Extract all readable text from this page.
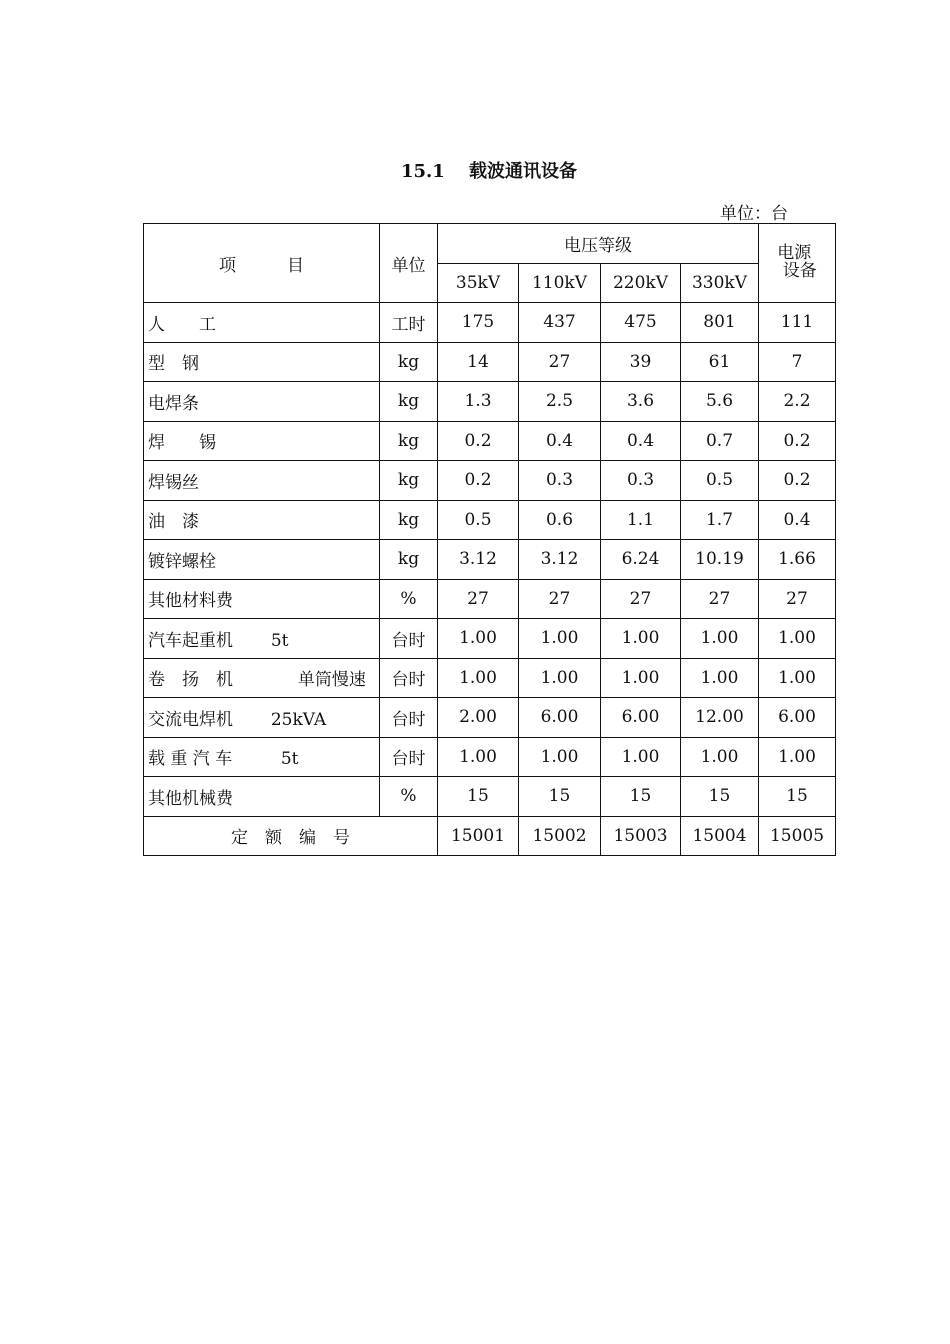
15.1　 载波通讯设备
单位：台
项　　　目	单位	电压等级				电源
设备
		35kV	110kV	220kV	330kV	
人　　工	工时	175	437	475	801	111
型　钢	kg	14	27	39	61	7
电焊条	kg	1.3	2.5	3.6	5.6	2.2
焊　　锡	kg	0.2	0.4	0.4	0.7	0.2
焊锡丝	kg	0.2	0.3	0.3	0.5	0.2
油　漆	kg	0.5	0.6	1.1	1.7	0.4
镀锌螺栓	kg	3.12	3.12	6.24	10.19	1.66
其他材料费	%	27	27	27	27	27
汽车起重机       5t	台时	1.00	1.00	1.00	1.00	1.00
卷　扬　机            单筒慢速	台时	1.00	1.00	1.00	1.00	1.00
交流电焊机       25kVA	台时	2.00	6.00	6.00	12.00	6.00
载 重 汽 车         5t	台时	1.00	1.00	1.00	1.00	1.00
其他机械费	%	15	15	15	15	15
定　额　编　号		15001	15002	15003	15004	15005
